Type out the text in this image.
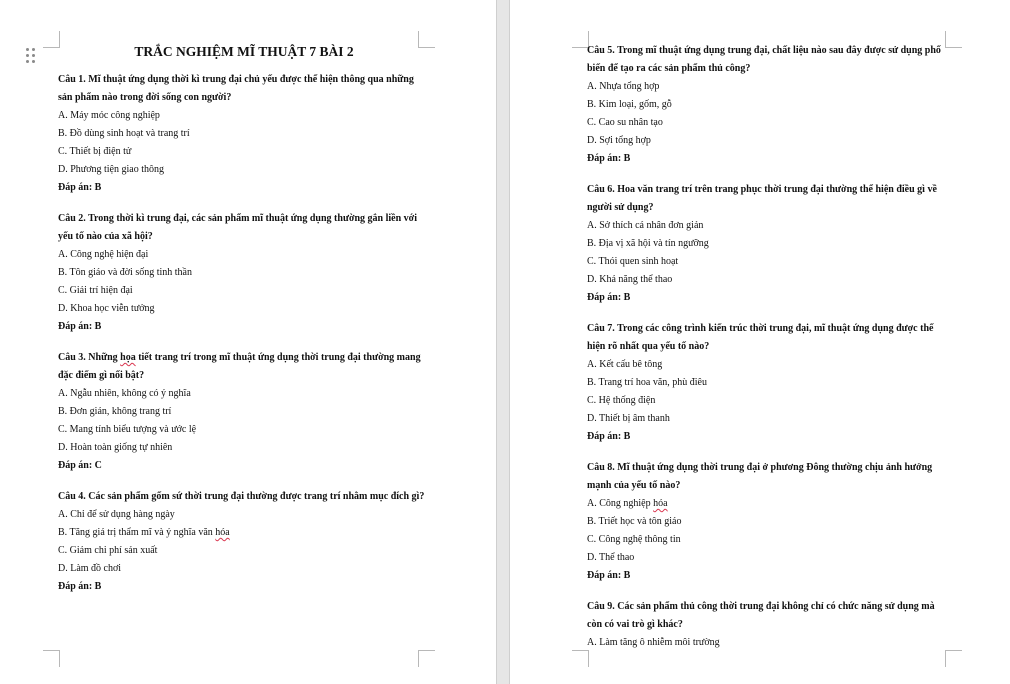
TRẮC NGHIỆM MĨ THUẬT 7 BÀI 2
Câu 1. Mĩ thuật ứng dụng thời kì trung đại chủ yếu được thể hiện thông qua những sản phẩm nào trong đời sống con người?
A. Máy móc công nghiệp
B. Đồ dùng sinh hoạt và trang trí
C. Thiết bị điện tử
D. Phương tiện giao thông
Đáp án: B
Câu 2. Trong thời kì trung đại, các sản phẩm mĩ thuật ứng dụng thường gắn liền với yếu tố nào của xã hội?
A. Công nghệ hiện đại
B. Tôn giáo và đời sống tinh thần
C. Giải trí hiện đại
D. Khoa học viễn tưởng
Đáp án: B
Câu 3. Những họa tiết trang trí trong mĩ thuật ứng dụng thời trung đại thường mang đặc điểm gì nổi bật?
A. Ngẫu nhiên, không có ý nghĩa
B. Đơn giản, không trang trí
C. Mang tính biểu tượng và ước lệ
D. Hoàn toàn giống tự nhiên
Đáp án: C
Câu 4. Các sản phẩm gốm sứ thời trung đại thường được trang trí nhằm mục đích gì?
A. Chỉ để sử dụng hàng ngày
B. Tăng giá trị thẩm mĩ và ý nghĩa văn hóa
C. Giảm chi phí sản xuất
D. Làm đồ chơi
Đáp án: B
Câu 5. Trong mĩ thuật ứng dụng trung đại, chất liệu nào sau đây được sử dụng phổ biến để tạo ra các sản phẩm thủ công?
A. Nhựa tổng hợp
B. Kim loại, gốm, gỗ
C. Cao su nhân tạo
D. Sợi tổng hợp
Đáp án: B
Câu 6. Hoa văn trang trí trên trang phục thời trung đại thường thể hiện điều gì về người sử dụng?
A. Sở thích cá nhân đơn giản
B. Địa vị xã hội và tín ngưỡng
C. Thói quen sinh hoạt
D. Khả năng thể thao
Đáp án: B
Câu 7. Trong các công trình kiến trúc thời trung đại, mĩ thuật ứng dụng được thể hiện rõ nhất qua yếu tố nào?
A. Kết cấu bê tông
B. Trang trí hoa văn, phù điêu
C. Hệ thống điện
D. Thiết bị âm thanh
Đáp án: B
Câu 8. Mĩ thuật ứng dụng thời trung đại ở phương Đông thường chịu ảnh hưởng mạnh của yếu tố nào?
A. Công nghiệp hóa
B. Triết học và tôn giáo
C. Công nghệ thông tin
D. Thể thao
Đáp án: B
Câu 9. Các sản phẩm thủ công thời trung đại không chỉ có chức năng sử dụng mà còn có vai trò gì khác?
A. Làm tăng ô nhiễm môi trường
